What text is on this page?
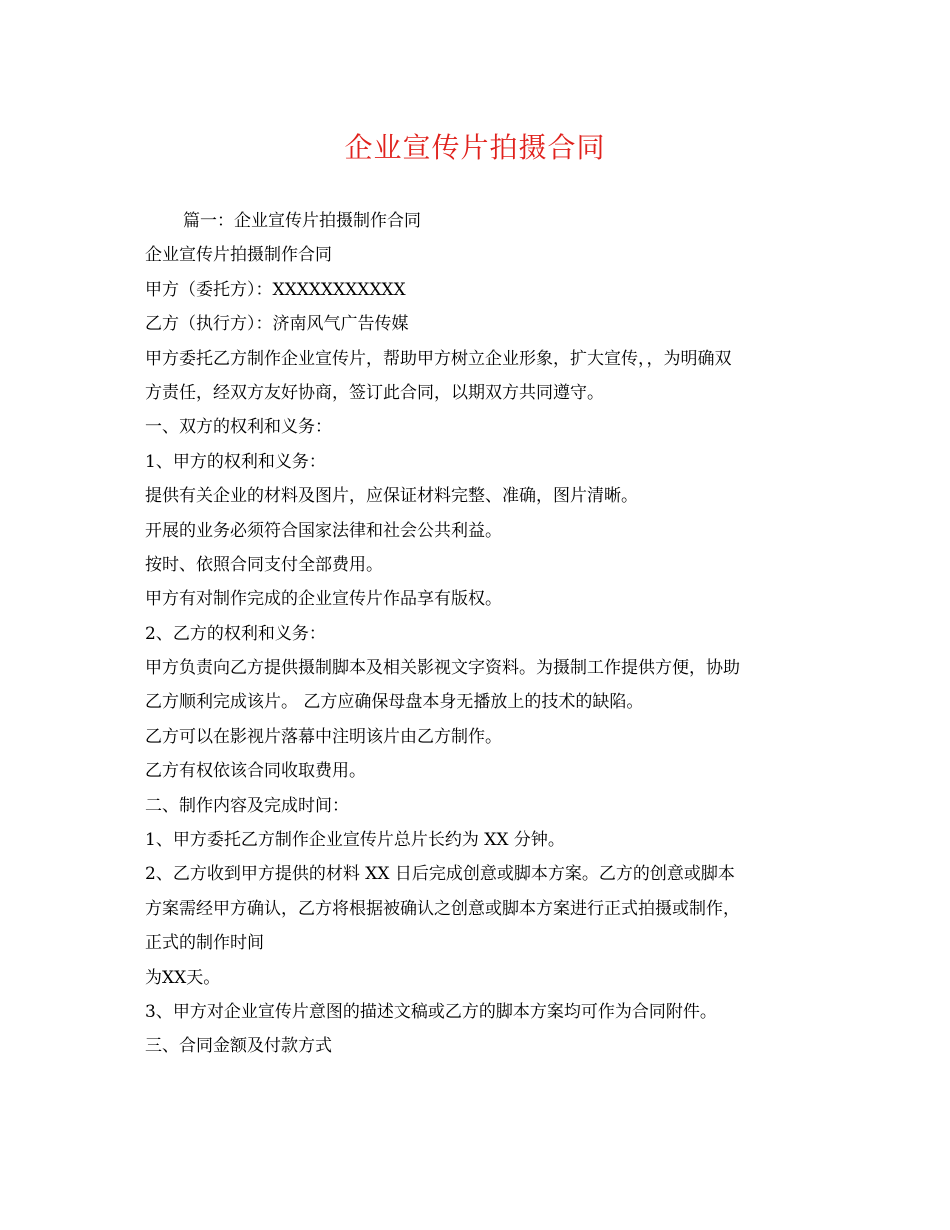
企业宣传片拍摄合同
篇一：企业宣传片拍摄制作合同
企业宣传片拍摄制作合同
甲方（委托方）：XXXXXXXXXXX
乙方（执行方）：济南风气广告传媒
甲方委托乙方制作企业宣传片，帮助甲方树立企业形象，扩大宣传，，为明确双
方责任，经双方友好协商，签订此合同，以期双方共同遵守。
一、双方的权利和义务：
1、甲方的权利和义务：
提供有关企业的材料及图片，应保证材料完整、准确，图片清晰。
开展的业务必须符合国家法律和社会公共利益。
按时、依照合同支付全部费用。
甲方有对制作完成的企业宣传片作品享有版权。
2、乙方的权利和义务：
甲方负责向乙方提供摄制脚本及相关影视文字资料。为摄制工作提供方便，协助
乙方顺利完成该片。 乙方应确保母盘本身无播放上的技术的缺陷。
乙方可以在影视片落幕中注明该片由乙方制作。
乙方有权依该合同收取费用。
二、制作内容及完成时间：
1、甲方委托乙方制作企业宣传片总片长约为 XX 分钟。
2、乙方收到甲方提供的材料 XX 日后完成创意或脚本方案。乙方的创意或脚本
方案需经甲方确认，乙方将根据被确认之创意或脚本方案进行正式拍摄或制作，
正式的制作时间
为XX天。
3、甲方对企业宣传片意图的描述文稿或乙方的脚本方案均可作为合同附件。
三、合同金额及付款方式
